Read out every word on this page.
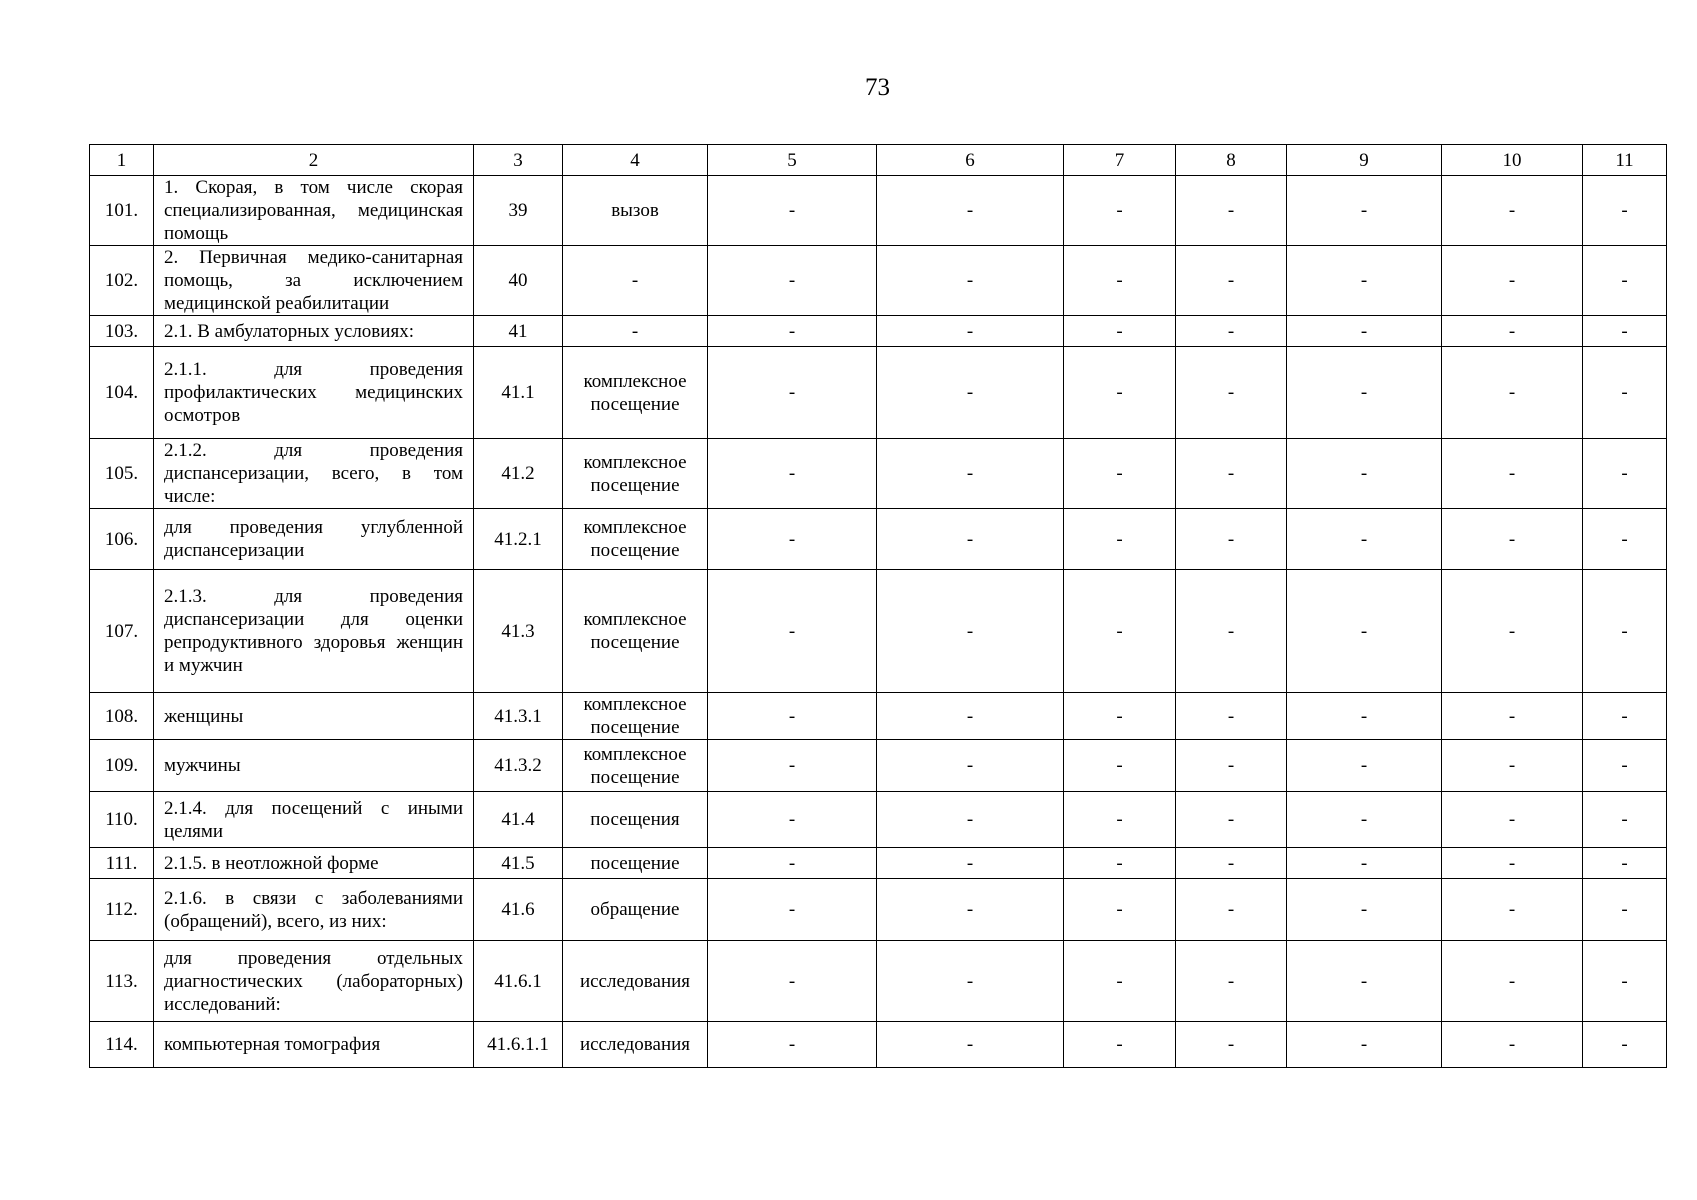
73
1	2	3	4	5	6	7	8	9	10	11
101.	1. Скорая, в том числе скорая специализированная, медицинская помощь	39	вызов	-	-	-	-	-	-	-
102.	2. Первичная медико-санитарная помощь, за исключением медицинской реабилитации	40	-	-	-	-	-	-	-	-
103.	2.1. В амбулаторных условиях:	41	-	-	-	-	-	-	-	-
104.	2.1.1. для проведения профилактических медицинских осмотров	41.1	комплексное посещение	-	-	-	-	-	-	-
105.	2.1.2. для проведения диспансеризации, всего, в том числе:	41.2	комплексное посещение	-	-	-	-	-	-	-
106.	для проведения углубленной диспансеризации	41.2.1	комплексное посещение	-	-	-	-	-	-	-
107.	2.1.3. для проведения диспансеризации для оценки репродуктивного здоровья женщин и мужчин	41.3	комплексное посещение	-	-	-	-	-	-	-
108.	женщины	41.3.1	комплексное посещение	-	-	-	-	-	-	-
109.	мужчины	41.3.2	комплексное посещение	-	-	-	-	-	-	-
110.	2.1.4. для посещений с иными целями	41.4	посещения	-	-	-	-	-	-	-
111.	2.1.5. в неотложной форме	41.5	посещение	-	-	-	-	-	-	-
112.	2.1.6. в связи с заболеваниями (обращений), всего, из них:	41.6	обращение	-	-	-	-	-	-	-
113.	для проведения отдельных диагностических (лабораторных) исследований:	41.6.1	исследования	-	-	-	-	-	-	-
114.	компьютерная томография	41.6.1.1	исследования	-	-	-	-	-	-	-
